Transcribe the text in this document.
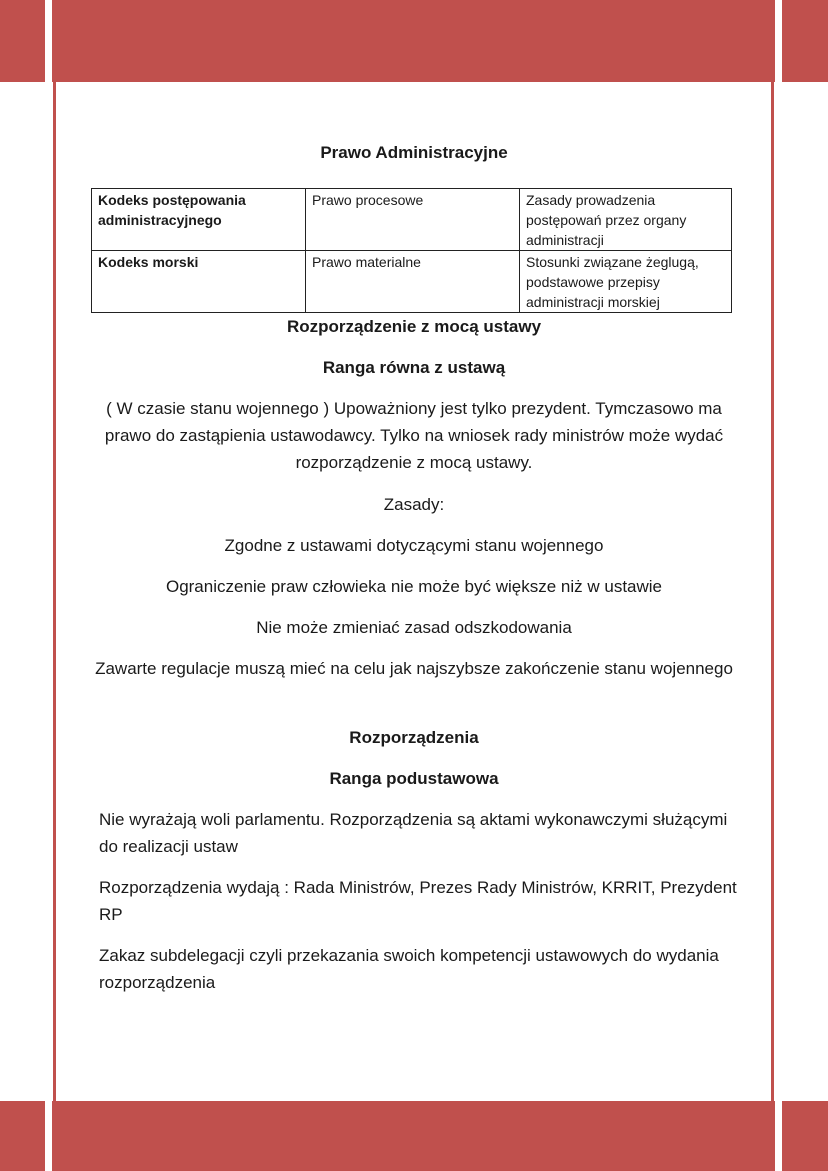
Prawo Administracyjne
Kodeks postępowania administracyjnego	Prawo procesowe	Zasady prowadzenia postępowań przez organy administracji
Kodeks morski	Prawo materialne	Stosunki związane żeglugą, podstawowe przepisy administracji morskiej
Rozporządzenie z mocą ustawy
Ranga równa z ustawą
( W czasie stanu wojennego ) Upoważniony jest tylko prezydent. Tymczasowo ma prawo do zastąpienia ustawodawcy. Tylko na wniosek rady ministrów może wydać rozporządzenie z mocą ustawy.
Zasady:
Zgodne z ustawami dotyczącymi stanu wojennego
Ograniczenie praw człowieka nie może być większe niż w ustawie
Nie może zmieniać zasad odszkodowania
Zawarte regulacje muszą mieć na celu jak najszybsze zakończenie stanu wojennego
Rozporządzenia
Ranga podustawowa
Nie wyrażają woli parlamentu. Rozporządzenia są aktami wykonawczymi służącymi do realizacji ustaw
Rozporządzenia wydają : Rada Ministrów, Prezes Rady Ministrów, KRRIT, Prezydent RP
Zakaz subdelegacji czyli przekazania swoich kompetencji ustawowych do wydania rozporządzenia
